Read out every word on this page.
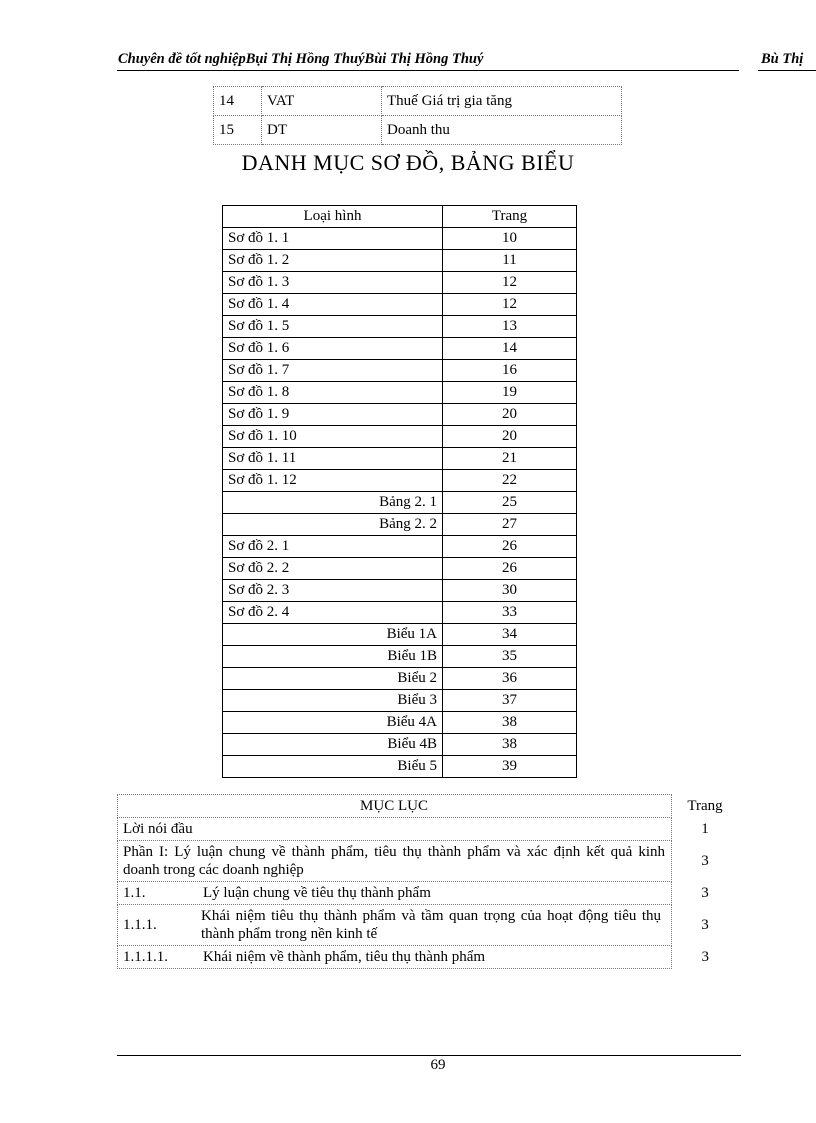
Chuyên đề tốt nghiệpBụi Thị Hồng ThuýBùi Thị Hồng Thuý	Bù Thị
14	VAT	Thuế Giá trị gia tăng
15	DT	Doanh thu
DANH MỤC SƠ ĐỒ, BẢNG BIỂU
Loại hình	Trang
Sơ đồ 1. 1	10
Sơ đồ 1. 2	11
Sơ đồ 1. 3	12
Sơ đồ 1. 4	12
Sơ đồ 1. 5	13
Sơ đồ 1. 6	14
Sơ đồ 1. 7	16
Sơ đồ 1. 8	19
Sơ đồ 1. 9	20
Sơ đồ 1. 10	20
Sơ đồ 1. 11	21
Sơ đồ 1. 12	22
Bảng 2. 1	25
Bảng 2. 2	27
Sơ đồ 2. 1	26
Sơ đồ 2. 2	26
Sơ đồ 2. 3	30
Sơ đồ 2. 4	33
Biểu 1A	34
Biểu 1B	35
Biểu 2	36
Biểu 3	37
Biểu 4A	38
Biểu 4B	38
Biểu 5	39
MỤC LỤC	Trang
Lời nói đầu	1
Phần I: Lý luận chung về thành phẩm, tiêu thụ thành phẩm và xác định kết quả kinh doanh trong các doanh nghiệp	3
1.1. Lý luận chung về tiêu thụ thành phẩm	3
1.1.1.Khái niệm tiêu thụ thành phẩm và tầm quan trọng của hoạt động tiêu thụ thành phẩm trong nền kinh tế	3
1.1.1.1. Khái niệm về thành phẩm, tiêu thụ thành phẩm	3
69
